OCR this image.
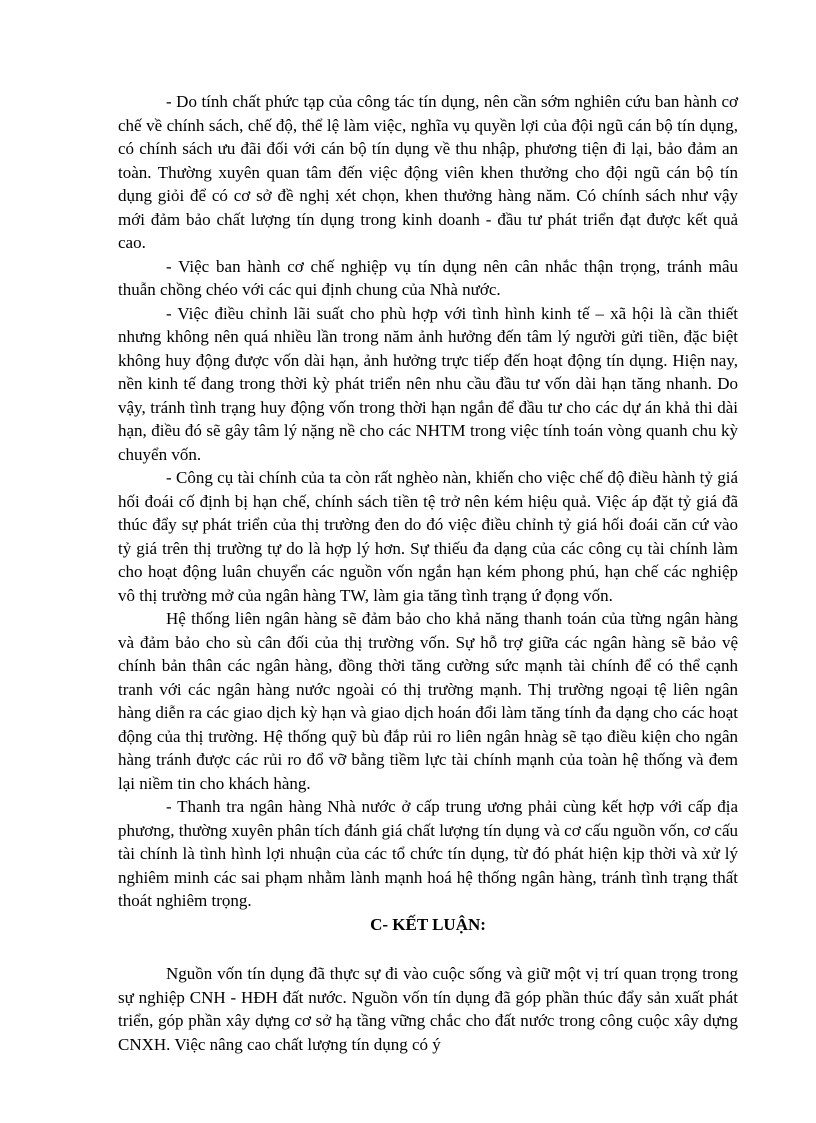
- Do tính chất phức tạp của công tác tín dụng, nên cần sớm nghiên cứu ban hành cơ chế về chính sách, chế độ, thể lệ làm việc, nghĩa vụ quyền lợi của đội ngũ cán bộ tín dụng, có chính sách ưu đãi đối với cán bộ tín dụng về thu nhập, phương tiện đi lại, bảo đảm an toàn. Thường xuyên quan tâm đến việc động viên khen thưởng cho đội ngũ cán bộ tín dụng giỏi để có cơ sở đề nghị xét chọn, khen thưởng hàng năm. Có chính sách như vậy mới đảm bảo chất lượng tín dụng trong kinh doanh - đầu tư phát triển đạt được kết quả cao.

- Việc ban hành cơ chế nghiệp vụ tín dụng nên cân nhắc thận trọng, tránh mâu thuẫn chồng chéo với các qui định chung của Nhà nước.

- Việc điều chỉnh lãi suất cho phù hợp với tình hình kinh tế – xã hội là cần thiết nhưng không nên quá nhiều lần trong năm ảnh hưởng đến tâm lý người gửi tiền, đặc biệt không huy động được vốn dài hạn, ảnh hưởng trực tiếp đến hoạt động tín dụng. Hiện nay, nền kinh tế đang trong thời kỳ phát triển nên nhu cầu đầu tư vốn dài hạn tăng nhanh. Do vậy, tránh tình trạng huy động vốn trong thời hạn ngắn để đầu tư cho các dự án khả thi dài hạn, điều đó sẽ gây tâm lý nặng nề cho các NHTM trong việc tính toán vòng quanh chu kỳ chuyển vốn.

- Công cụ tài chính của ta còn rất nghèo nàn, khiến cho việc chế độ điều hành tỷ giá hối đoái cố định bị hạn chế, chính sách tiền tệ trở nên kém hiệu quả. Việc áp đặt tỷ giá đã thúc đẩy sự phát triển của thị trường đen do đó việc điều chỉnh tỷ giá hối đoái căn cứ vào tỷ giá trên thị trường tự do là hợp lý hơn. Sự thiếu đa dạng của các công cụ tài chính làm cho hoạt động luân chuyển các nguồn vốn ngắn hạn kém phong phú, hạn chế các nghiệp vô thị trường mở của ngân hàng TW, làm gia tăng tình trạng ứ đọng vốn.

Hệ thống liên ngân hàng sẽ đảm bảo cho khả năng thanh toán của từng ngân hàng và đảm bảo cho sù cân đối của thị trường vốn. Sự hỗ trợ giữa các ngân hàng sẽ bảo vệ chính bản thân các ngân hàng, đồng thời tăng cường sức mạnh tài chính để có thể cạnh tranh với các ngân hàng nước ngoài có thị trường mạnh. Thị trường ngoại tệ liên ngân hàng diễn ra các giao dịch kỳ hạn và giao dịch hoán đổi làm tăng tính đa dạng cho các hoạt động của thị trường. Hệ thống quỹ bù đắp rủi ro liên ngân hnàg sẽ tạo điều kiện cho ngân hàng tránh được các rủi ro đổ vỡ bằng tiềm lực tài chính mạnh của toàn hệ thống và đem lại niềm tin cho khách hàng.

- Thanh tra ngân hàng Nhà nước ở cấp trung ương phải cùng kết hợp với cấp địa phương, thường xuyên phân tích đánh giá chất lượng tín dụng và cơ cấu nguồn vốn, cơ cấu tài chính là tình hình lợi nhuận của các tổ chức tín dụng, từ đó phát hiện kịp thời và xử lý nghiêm minh các sai phạm nhằm lành mạnh hoá hệ thống ngân hàng, tránh tình trạng thất thoát nghiêm trọng.

C- KẾT LUẬN:

Nguồn vốn tín dụng đã thực sự đi vào cuộc sống và giữ một vị trí quan trọng trong sự nghiệp CNH - HĐH đất nước. Nguồn vốn tín dụng đã góp phần thúc đẩy sản xuất phát triển, góp phần xây dựng cơ sở hạ tầng vững chắc cho đất nước trong công cuộc xây dựng CNXH. Việc nâng cao chất lượng tín dụng có ý
